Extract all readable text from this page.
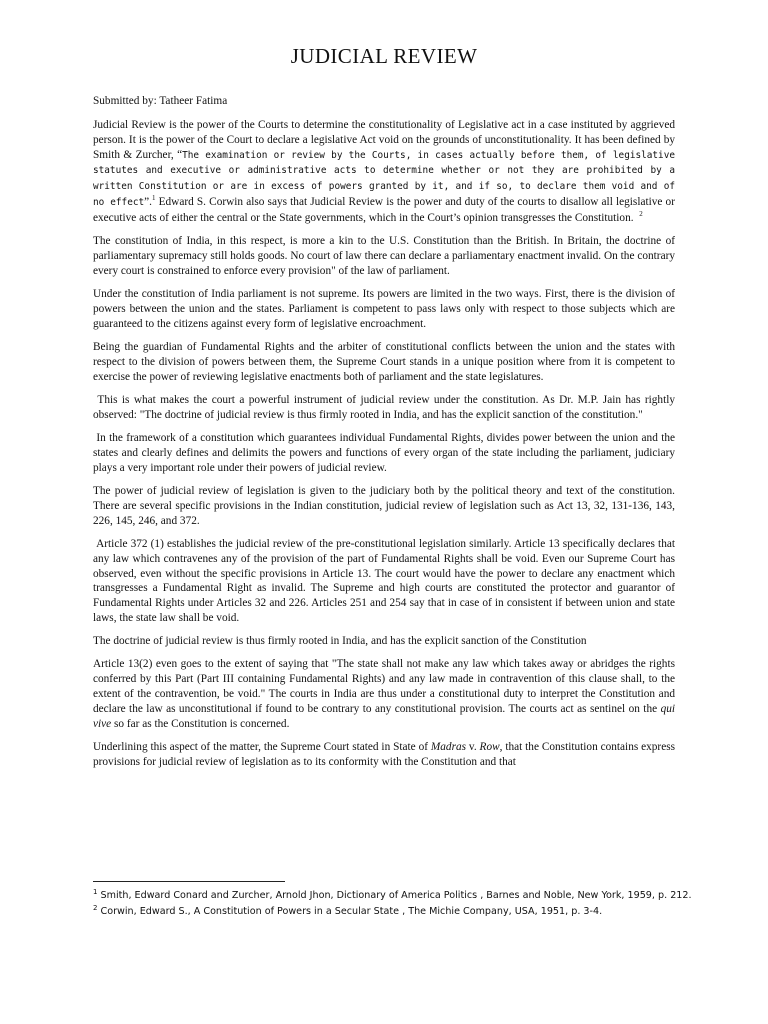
JUDICIAL REVIEW

Submitted by: Tatheer Fatima

Judicial Review is the power of the Courts to determine the constitutionality of Legislative act in a case instituted by aggrieved person. It is the power of the Court to declare a legislative Act void on the grounds of unconstitutionality. It has been defined by Smith & Zurcher, “The examination or review by the Courts, in cases actually before them, of legislative statutes and executive or administrative acts to determine whether or not they are prohibited by a written Constitution or are in excess of powers granted by it, and if so, to declare them void and of no effect”.$^1$ Edward S. Corwin also says that Judicial Review is the power and duty of the courts to disallow all legislative or executive acts of either the central or the State governments, which in the Court’s opinion transgresses the Constitution. $^2$

The constitution of India, in this respect, is more a kin to the U.S. Constitution than the British. In Britain, the doctrine of parliamentary supremacy still holds goods. No court of law there can declare a parliamentary enactment invalid. On the contrary every court is constrained to enforce every provision" of the law of parliament.

Under the constitution of India parliament is not supreme. Its powers are limited in the two ways. First, there is the division of powers between the union and the states. Parliament is competent to pass laws only with respect to those subjects which are guaranteed to the citizens against every form of legislative encroachment.

Being the guardian of Fundamental Rights and the arbiter of constitutional conflicts between the union and the states with respect to the division of powers between them, the Supreme Court stands in a unique position where from it is competent to exercise the power of reviewing legislative enactments both of parliament and the state legislatures.

This is what makes the court a powerful instrument of judicial review under the constitution. As Dr. M.P. Jain has rightly observed: "The doctrine of judicial review is thus firmly rooted in India, and has the explicit sanction of the constitution."

In the framework of a constitution which guarantees individual Fundamental Rights, divides power between the union and the states and clearly defines and delimits the powers and functions of every organ of the state including the parliament, judiciary plays a very important role under their powers of judicial review.

The power of judicial review of legislation is given to the judiciary both by the political theory and text of the constitution. There are several specific provisions in the Indian constitution, judicial review of legislation such as Act 13, 32, 131-136, 143, 226, 145, 246, and 372.

Article 372 (1) establishes the judicial review of the pre-constitutional legislation similarly. Article 13 specifically declares that any law which contravenes any of the provision of the part of Fundamental Rights shall be void. Even our Supreme Court has observed, even without the specific provisions in Article 13. The court would have the power to declare any enactment which transgresses a Fundamental Right as invalid. The Supreme and high courts are constituted the protector and guarantor of Fundamental Rights under Articles 32 and 226. Articles 251 and 254 say that in case of in consistent if between union and state laws, the state law shall be void.

The doctrine of judicial review is thus firmly rooted in India, and has the explicit sanction of the Constitution

Article 13(2) even goes to the extent of saying that "The state shall not make any law which takes away or abridges the rights conferred by this Part (Part III containing Fundamental Rights) and any law made in contravention of this clause shall, to the extent of the contravention, be void." The courts in India are thus under a constitutional duty to interpret the Constitution and declare the law as unconstitutional if found to be contrary to any constitutional provision. The courts act as sentinel on the qui vive so far as the Constitution is concerned.

Underlining this aspect of the matter, the Supreme Court stated in State of Madras v. Row, that the Constitution contains express provisions for judicial review of legislation as to its conformity with the Constitution and that

$^1$ Smith, Edward Conard and Zurcher, Arnold Jhon, Dictionary of America Politics , Barnes and Noble, New York, 1959, p. 212.

$^2$ Corwin, Edward S., A Constitution of Powers in a Secular State , The Michie Company, USA, 1951, p. 3-4.
